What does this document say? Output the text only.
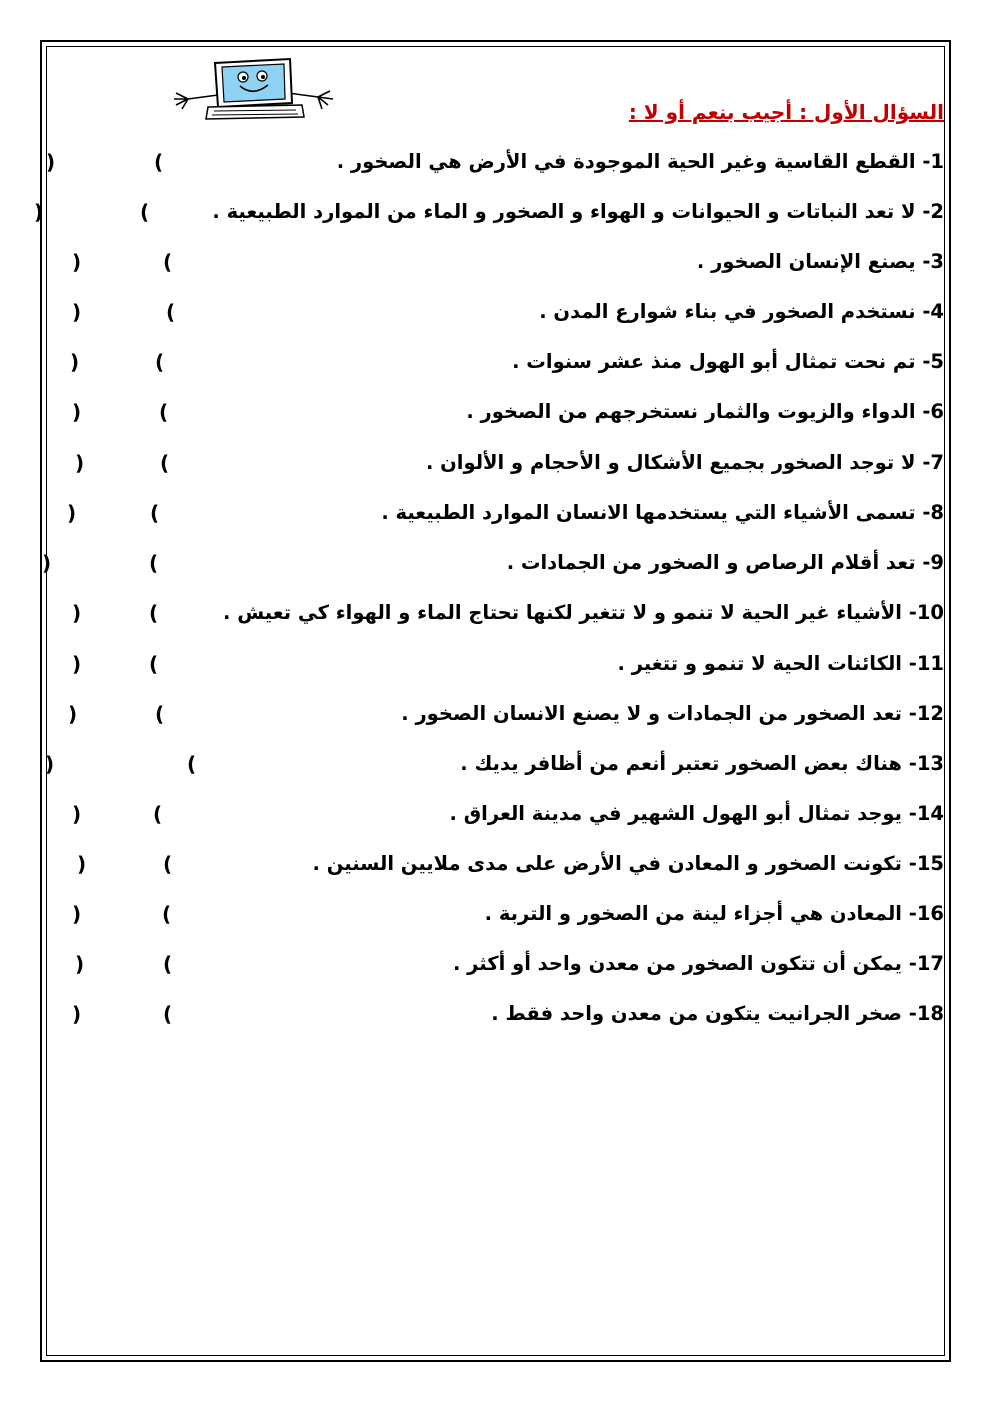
السؤال الأول : أجيب بنعم أو لا :
1- القطع القاسية وغير الحية الموجودة في الأرض هي الصخور .
(
)
2- لا تعد النباتات و الحيوانات و الهواء و الصخور و الماء من الموارد الطبيعية .
(
)
3- يصنع الإنسان الصخور .
(
)
4- نستخدم الصخور في بناء شوارع المدن .
(
)
5- تم نحت تمثال أبو الهول منذ عشر سنوات .
(
)
6- الدواء والزيوت والثمار نستخرجهم من الصخور .
(
)
7- لا توجد الصخور بجميع الأشكال و الأحجام و الألوان .
(
)
8- تسمى الأشياء التي يستخدمها الانسان الموارد الطبيعية .
(
)
9- تعد أقلام الرصاص و الصخور من الجمادات .
(
)
10- الأشياء غير الحية لا تنمو و لا تتغير لكنها تحتاج الماء و الهواء كي تعيش .
(
)
11- الكائنات الحية لا تنمو و تتغير .
(
)
12- تعد الصخور من الجمادات و لا يصنع الانسان الصخور .
(
)
13- هناك بعض الصخور تعتبر أنعم من أظافر يديك .
(
)
14- يوجد تمثال أبو الهول الشهير في مدينة العراق .
(
)
15- تكونت الصخور و المعادن في الأرض على مدى ملايين السنين .
(
)
16- المعادن هي أجزاء لينة من الصخور و التربة .
(
)
17- يمكن أن تتكون الصخور من معدن واحد أو أكثر .
(
)
18- صخر الجرانيت يتكون من معدن واحد فقط .
(
)
